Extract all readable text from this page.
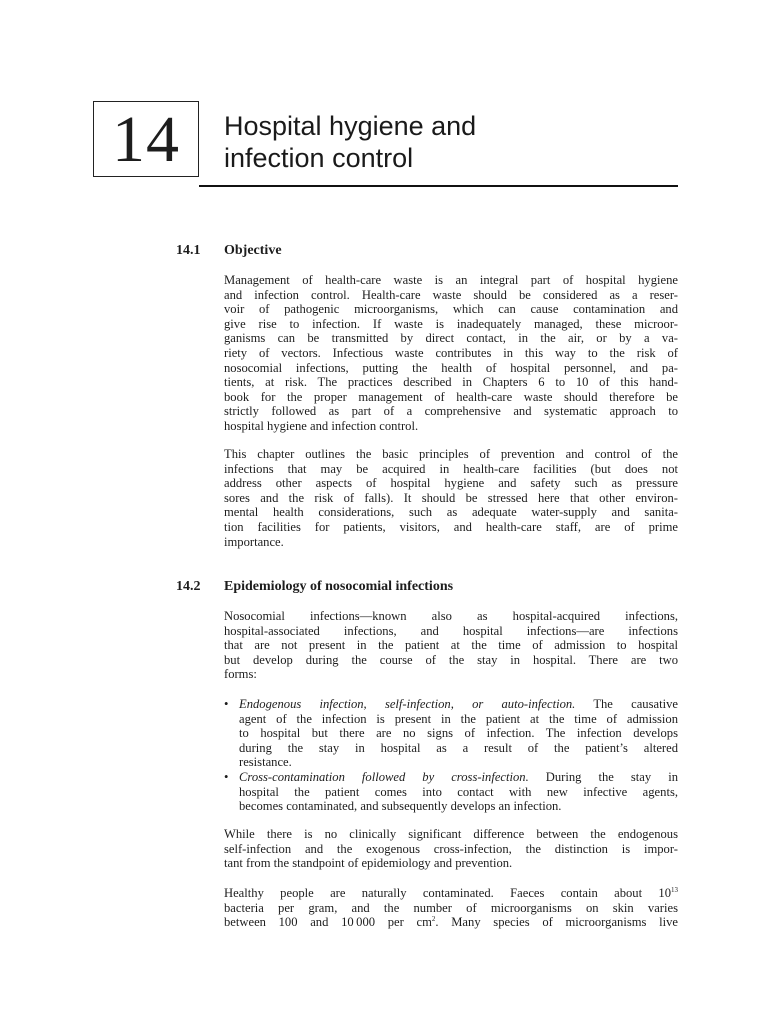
14 Hospital hygiene and
infection control
14.1 Objective

Management of health-care waste is an integral part of hospital hygiene
and infection control. Health-care waste should be considered as a reser-
voir of pathogenic microorganisms, which can cause contamination and
give rise to infection. If waste is inadequately managed, these microor-
ganisms can be transmitted by direct contact, in the air, or by a va-
riety of vectors. Infectious waste contributes in this way to the risk of
nosocomial infections, putting the health of hospital personnel, and pa-
tients, at risk. The practices described in Chapters 6 to 10 of this hand-
book for the proper management of health-care waste should therefore be
strictly followed as part of a comprehensive and systematic approach to
hospital hygiene and infection control.

This chapter outlines the basic principles of prevention and control of the
infections that may be acquired in health-care facilities (but does not
address other aspects of hospital hygiene and safety such as pressure
sores and the risk of falls). It should be stressed here that other environ-
mental health considerations, such as adequate water-supply and sanita-
tion facilities for patients, visitors, and health-care staff, are of prime
importance.

14.2 Epidemiology of nosocomial infections

Nosocomial infections—known also as hospital-acquired infections,
hospital-associated infections, and hospital infections—are infections
that are not present in the patient at the time of admission to hospital
but develop during the course of the stay in hospital. There are two
forms:

• Endogenous infection, self-infection, or auto-infection. The causative
agent of the infection is present in the patient at the time of admission
to hospital but there are no signs of infection. The infection develops
during the stay in hospital as a result of the patient’s altered
resistance.
• Cross-contamination followed by cross-infection. During the stay in
hospital the patient comes into contact with new infective agents,
becomes contaminated, and subsequently develops an infection.

While there is no clinically significant difference between the endogenous
self-infection and the exogenous cross-infection, the distinction is impor-
tant from the standpoint of epidemiology and prevention.

Healthy people are naturally contaminated. Faeces contain about $10^{13}$
bacteria per gram, and the number of microorganisms on skin varies
between 100 and 10 000 per $cm^2$. Many species of microorganisms live
